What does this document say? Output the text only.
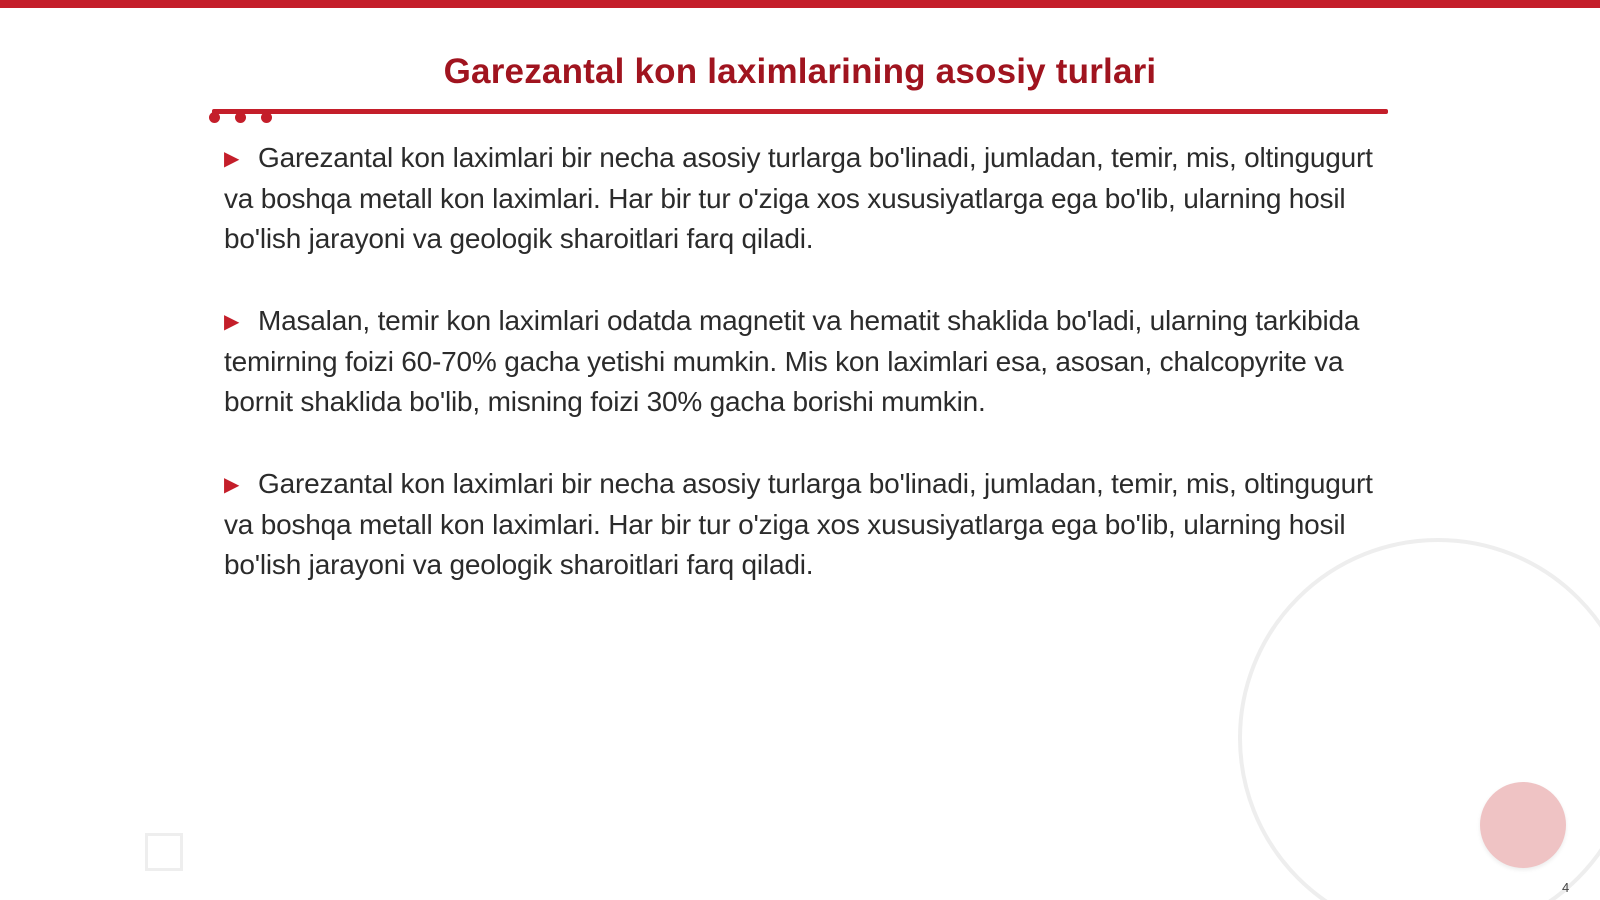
Garezantal kon laximlarining asosiy turlari

▶ Garezantal kon laximlari bir necha asosiy turlarga bo'linadi, jumladan, temir, mis, oltingugurt va boshqa metall kon laximlari. Har bir tur o'ziga xos xususiyatlarga ega bo'lib, ularning hosil bo'lish jarayoni va geologik sharoitlari farq qiladi.

▶ Masalan, temir kon laximlari odatda magnetit va hematit shaklida bo'ladi, ularning tarkibida temirning foizi 60-70% gacha yetishi mumkin. Mis kon laximlari esa, asosan, chalcopyrite va bornit shaklida bo'lib, misning foizi 30% gacha borishi mumkin.

▶ Garezantal kon laximlari bir necha asosiy turlarga bo'linadi, jumladan, temir, mis, oltingugurt va boshqa metall kon laximlari. Har bir tur o'ziga xos xususiyatlarga ega bo'lib, ularning hosil bo'lish jarayoni va geologik sharoitlari farq qiladi.

4
